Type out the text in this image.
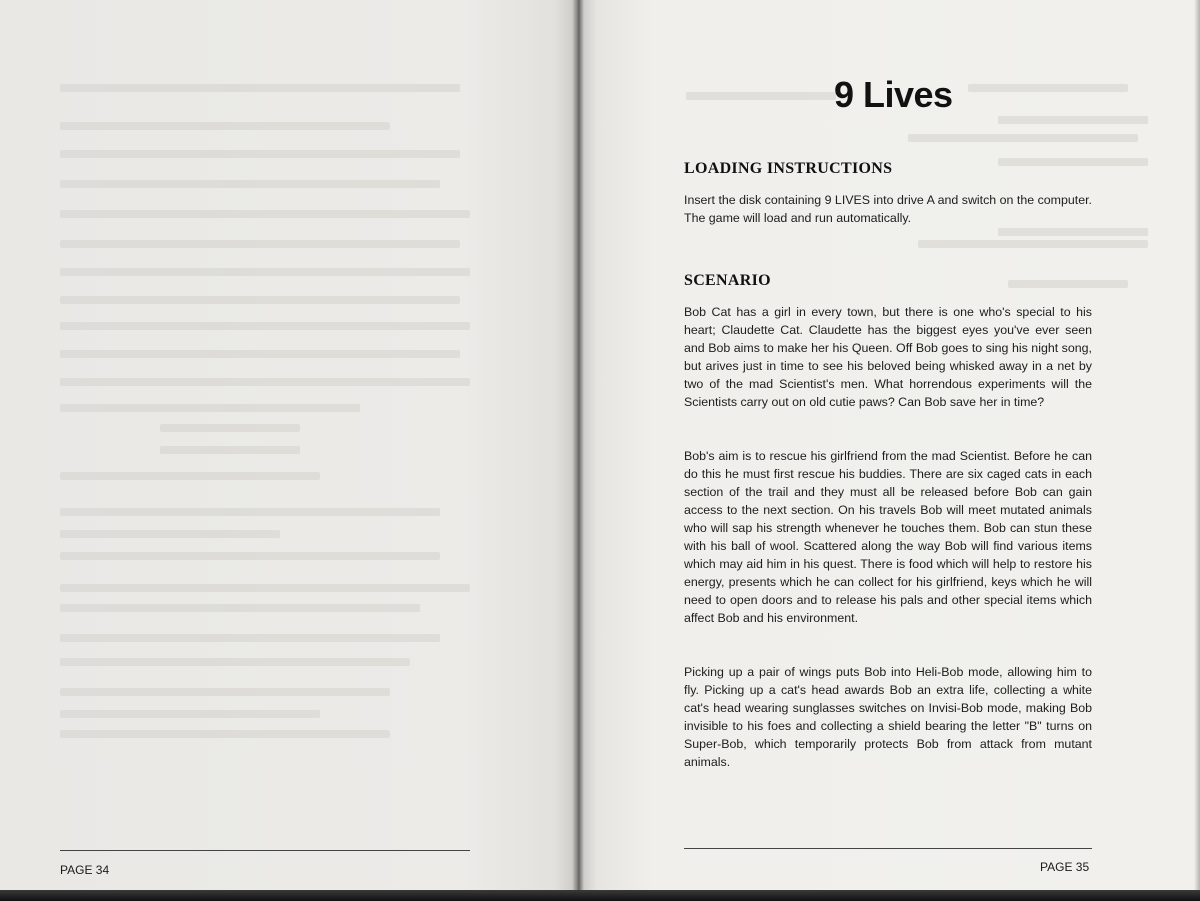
PAGE 34
9 Lives
LOADING INSTRUCTIONS

Insert the disk containing 9 LIVES into drive A and switch on the computer. The game will load and run automatically.

SCENARIO

Bob Cat has a girl in every town, but there is one who's special to his heart; Claudette Cat. Claudette has the biggest eyes you've ever seen and Bob aims to make her his Queen. Off Bob goes to sing his night song, but arives just in time to see his beloved being whisked away in a net by two of the mad Scientist's men. What horrendous experiments will the Scientists carry out on old cutie paws? Can Bob save her in time?

Bob's aim is to rescue his girlfriend from the mad Scientist. Before he can do this he must first rescue his buddies. There are six caged cats in each section of the trail and they must all be released before Bob can gain access to the next section. On his travels Bob will meet mutated animals who will sap his strength whenever he touches them. Bob can stun these with his ball of wool. Scattered along the way Bob will find various items which may aid him in his quest. There is food which will help to restore his energy, presents which he can collect for his girlfriend, keys which he will need to open doors and to release his pals and other special items which affect Bob and his environment.

Picking up a pair of wings puts Bob into Heli-Bob mode, allowing him to fly. Picking up a cat's head awards Bob an extra life, collecting a white cat's head wearing sunglasses switches on Invisi-Bob mode, making Bob invisible to his foes and collecting a shield bearing the letter "B" turns on Super-Bob, which temporarily protects Bob from attack from mutant animals.

PAGE 35
